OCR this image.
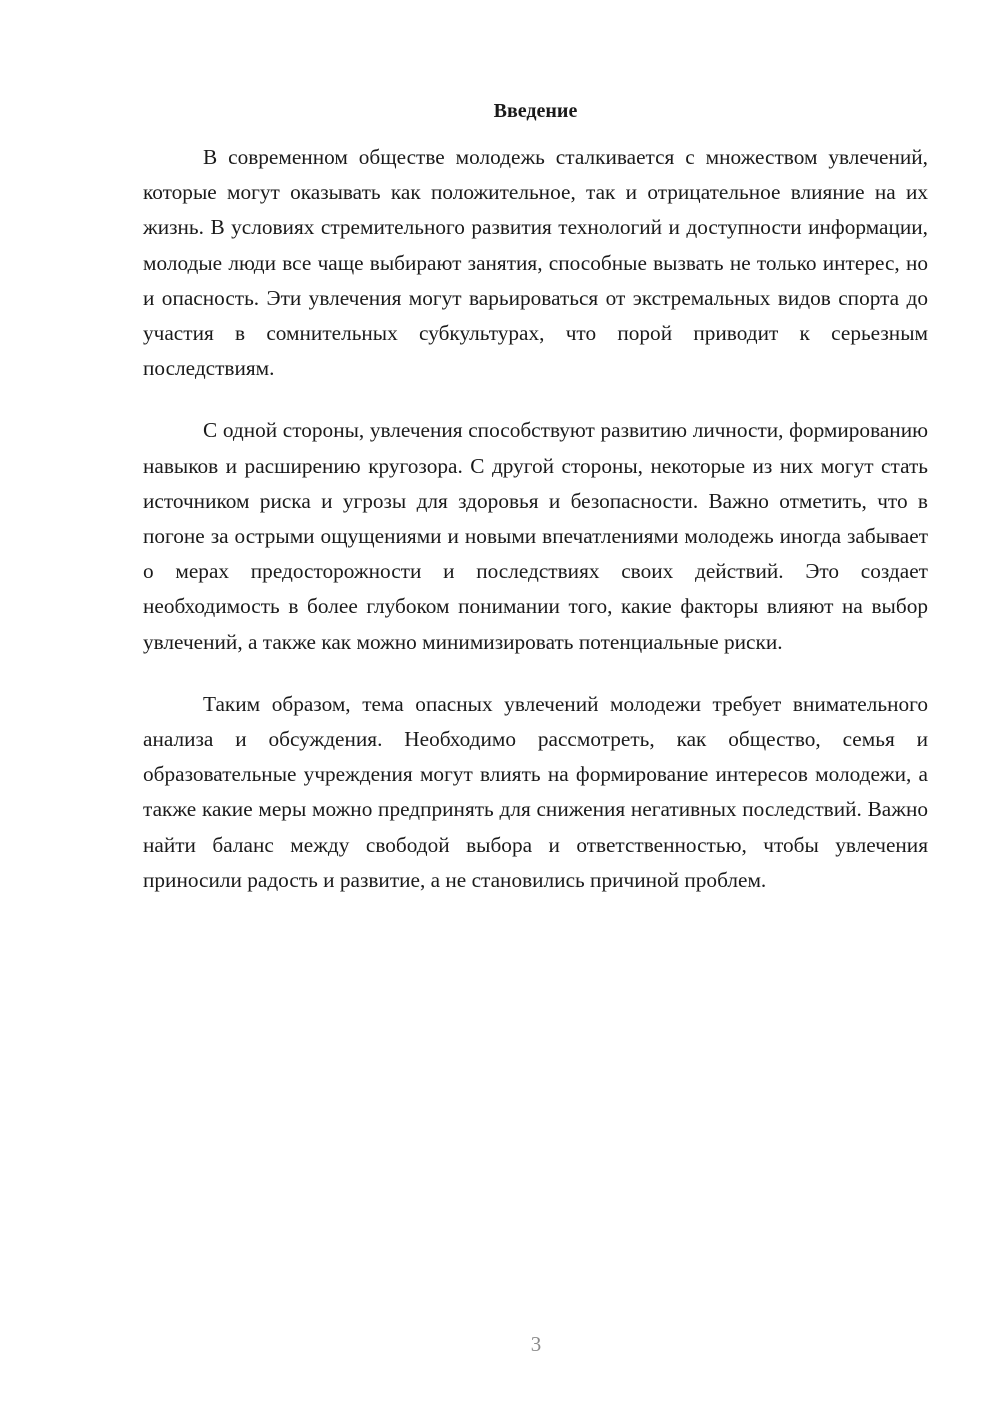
Введение

В современном обществе молодежь сталкивается с множеством увлечений, которые могут оказывать как положительное, так и отрицательное влияние на их жизнь. В условиях стремительного развития технологий и доступности информации, молодые люди все чаще выбирают занятия, способные вызвать не только интерес, но и опасность. Эти увлечения могут варьироваться от экстремальных видов спорта до участия в сомнительных субкультурах, что порой приводит к серьезным последствиям.

С одной стороны, увлечения способствуют развитию личности, формированию навыков и расширению кругозора. С другой стороны, некоторые из них могут стать источником риска и угрозы для здоровья и безопасности. Важно отметить, что в погоне за острыми ощущениями и новыми впечатлениями молодежь иногда забывает о мерах предосторожности и последствиях своих действий. Это создает необходимость в более глубоком понимании того, какие факторы влияют на выбор увлечений, а также как можно минимизировать потенциальные риски.

Таким образом, тема опасных увлечений молодежи требует внимательного анализа и обсуждения. Необходимо рассмотреть, как общество, семья и образовательные учреждения могут влиять на формирование интересов молодежи, а также какие меры можно предпринять для снижения негативных последствий. Важно найти баланс между свободой выбора и ответственностью, чтобы увлечения приносили радость и развитие, а не становились причиной проблем.

3
